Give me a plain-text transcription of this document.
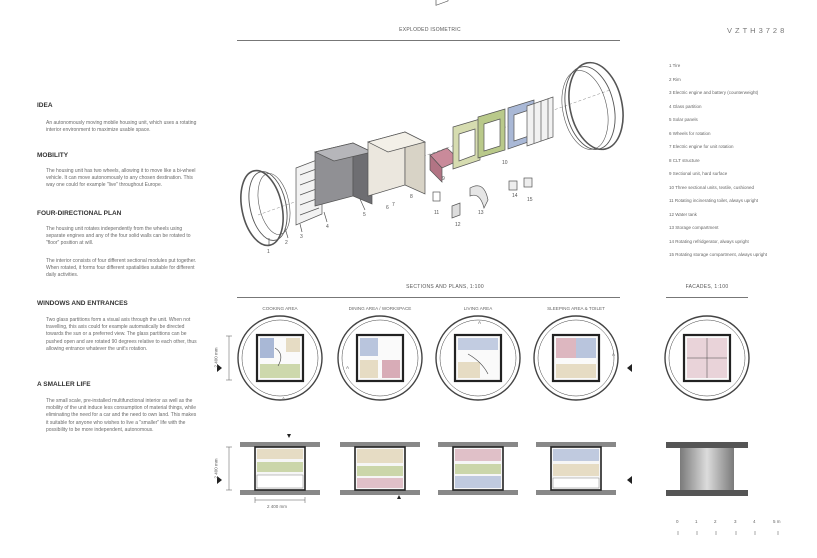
VZTH3728
EXPLODED ISOMETRIC
IDEA
An autonomously moving mobile housing unit, which uses a rotating interior environment to maximize usable space.
MOBILITY
The housing unit has two wheels, allowing it to move like a bi-wheel vehicle. It can move autonomously to any chosen destination. This way one could for example "live" throughout Europe.
FOUR-DIRECTIONAL PLAN
The housing unit rotates independently from the wheels using separate engines and any of the four solid walls can be rotated to "floor" position at will.
The interior consists of four different sectional modules put together. When rotated, it forms four different spatialities suitable for different daily activities.
WINDOWS AND ENTRANCES
Two glass partitions form a visual axis through the unit. When not travelling, this axis could for example automatically be directed towards the sun or a preferred view. The glass partitions can be pushed open and are rotated 90 degrees relative to each other, thus allowing entrance whatever the unit's rotation.
A SMALLER LIFE
The small scale, pre-installed multifunctional interior as well as the mobility of the unit induce less consumption of material things, while eliminating the need for a car and the need to own land. This makes it suitable for anyone who wishes to live a "smaller" life with the possibility to be more independent, autonomous.
1 Tire
2 Rim
3 Electric engine and battery (counterweight)
4 Glass partition
5 Solar panels
6 Wheels for rotation
7 Electric engine for unit rotation
8 CLT structure
9 Sectional unit, hard surface
10 Three sectional units, textile, cushioned
11 Rotating incinerating toilet, always upright
12 Water tank
13 Storage compartment
14 Rotating refridgerator, always upright
15 Rotating storage compartment, always upright
1
2
3
4
5
6 7
8
9
10
11
12
13
14
15
SECTIONS AND PLANS, 1:100	FACADES, 1:100
COOKING AREA	DINING AREA / WORKSPACE	LIVING AREA	SLEEPING AREA & TOILET
A
A
A
A
2 400 mm
2 400 mm
2 400 mm
0	1	2	3	4	5 m
